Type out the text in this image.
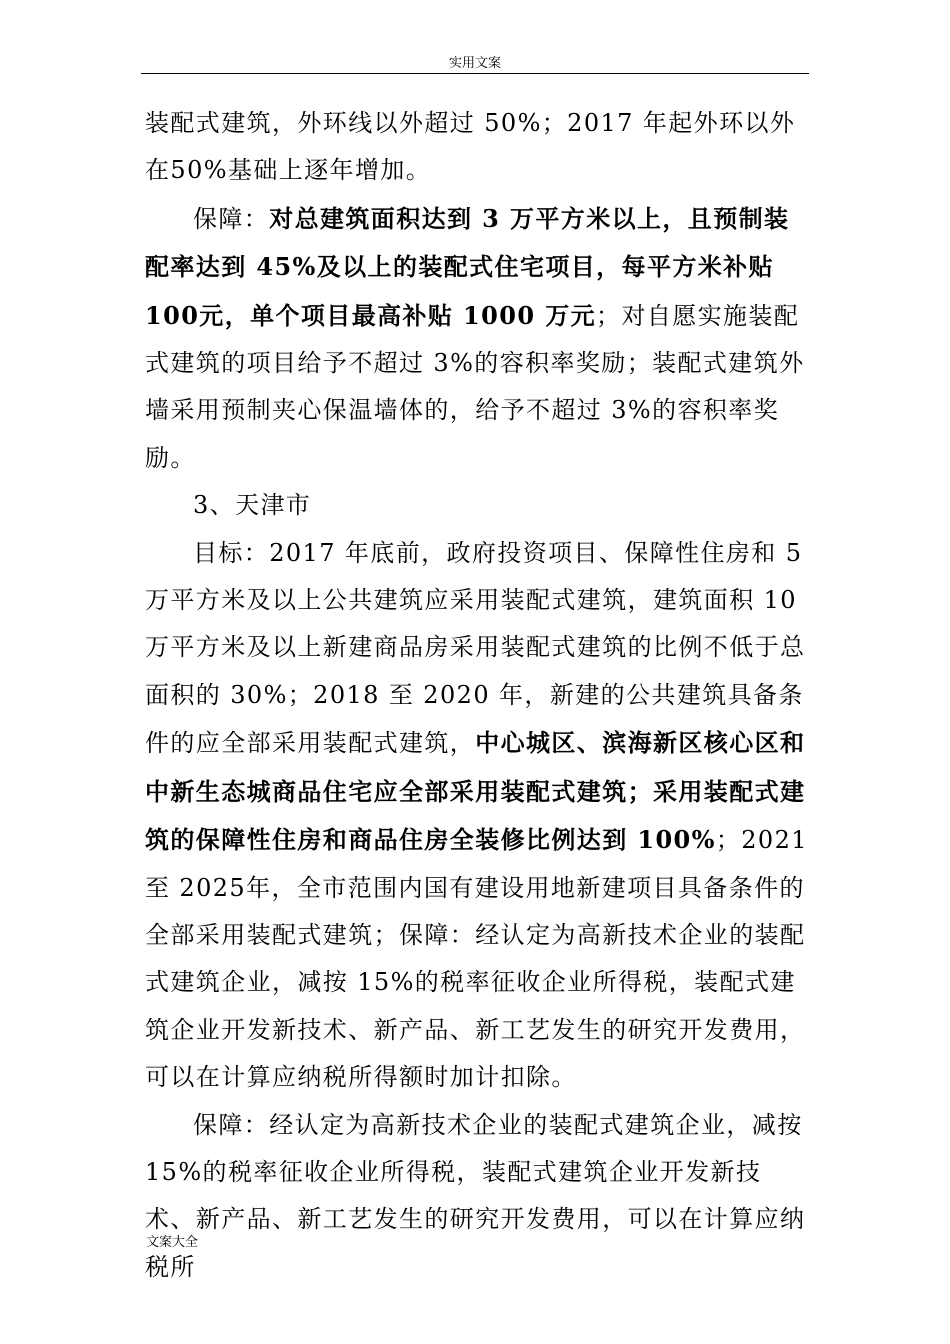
实用文案

装配式建筑，外环线以外超过 50%；2017 年起外环以外在50%基础上逐年增加。

保障：对总建筑面积达到 3 万平方米以上，且预制装配率达到 45%及以上的装配式住宅项目，每平方米补贴 100元，单个项目最高补贴 1000 万元；对自愿实施装配式建筑的项目给予不超过 3%的容积率奖励；装配式建筑外墙采用预制夹心保温墙体的，给予不超过 3%的容积率奖励。

3、天津市

目标：2017 年底前，政府投资项目、保障性住房和 5 万平方米及以上公共建筑应采用装配式建筑，建筑面积 10 万平方米及以上新建商品房采用装配式建筑的比例不低于总面积的 30%；2018 至 2020 年，新建的公共建筑具备条件的应全部采用装配式建筑，中心城区、滨海新区核心区和中新生态城商品住宅应全部采用装配式建筑；采用装配式建筑的保障性住房和商品住房全装修比例达到 100%；2021 至 2025年，全市范围内国有建设用地新建项目具备条件的全部采用装配式建筑；保障：经认定为高新技术企业的装配式建筑企业，减按 15%的税率征收企业所得税，装配式建筑企业开发新技术、新产品、新工艺发生的研究开发费用，可以在计算应纳税所得额时加计扣除。

保障：经认定为高新技术企业的装配式建筑企业，减按15%的税率征收企业所得税，装配式建筑企业开发新技术、新产品、新工艺发生的研究开发费用，可以在计算应纳税所

文案大全
